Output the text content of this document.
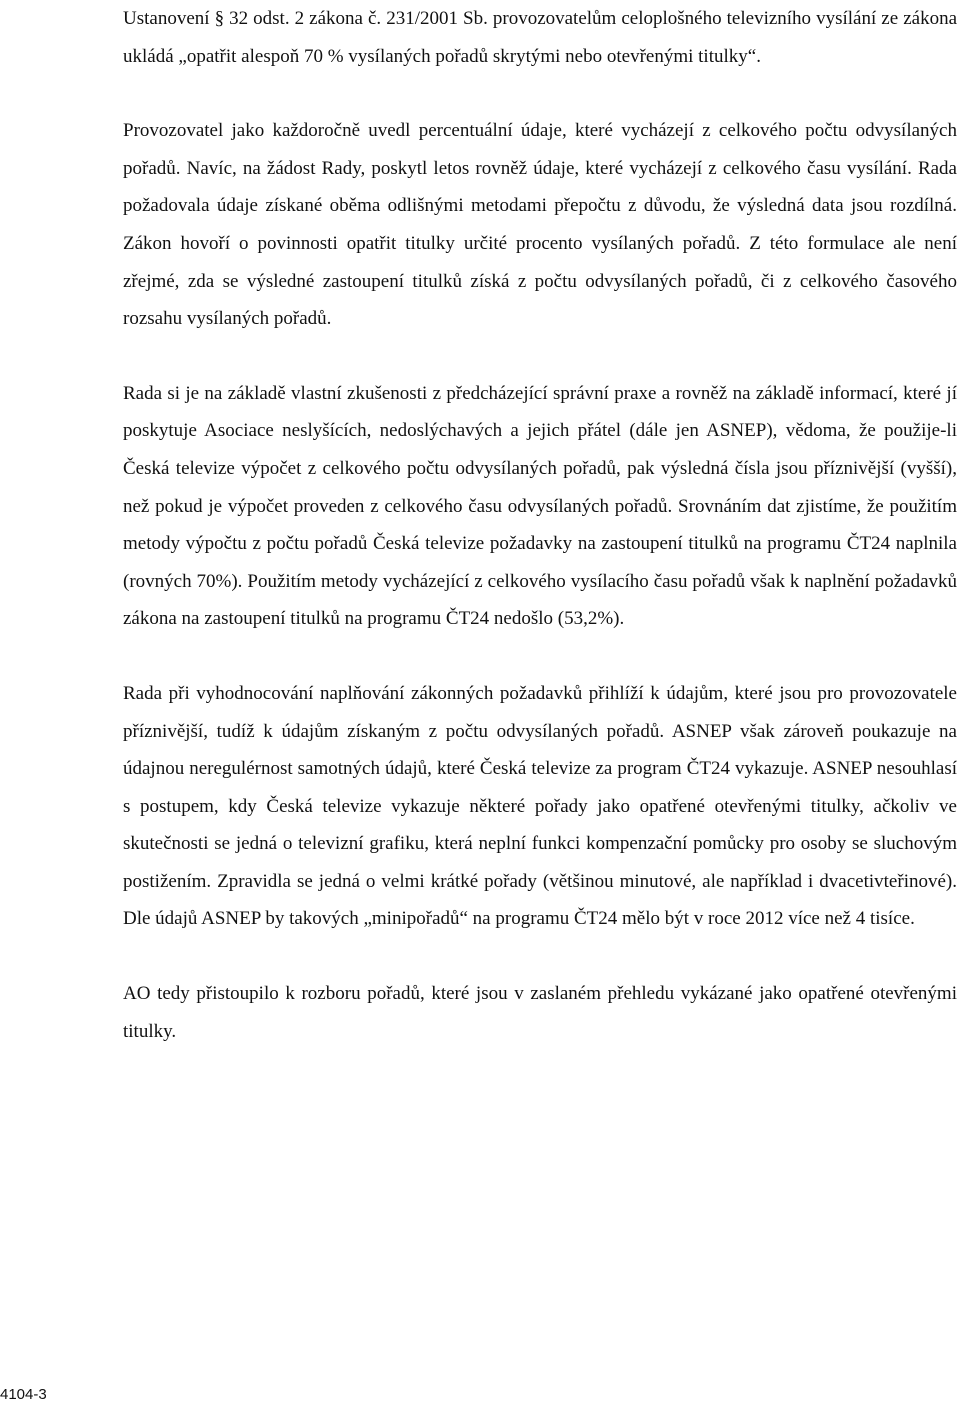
Ustanovení § 32 odst. 2 zákona č. 231/2001 Sb. provozovatelům celoplošného televizního vysílání ze zákona ukládá „opatřit alespoň 70 % vysílaných pořadů skrytými nebo otevřenými titulky“.

Provozovatel jako každoročně uvedl percentuální údaje, které vycházejí z celkového počtu odvysílaných pořadů. Navíc, na žádost Rady, poskytl letos rovněž údaje, které vycházejí z celkového času vysílání. Rada požadovala údaje získané oběma odlišnými metodami přepočtu z důvodu, že výsledná data jsou rozdílná. Zákon hovoří o povinnosti opatřit titulky určité procento vysílaných pořadů. Z této formulace ale není zřejmé, zda se výsledné zastoupení titulků získá z počtu odvysílaných pořadů, či z celkového časového rozsahu vysílaných pořadů.

Rada si je na základě vlastní zkušenosti z předcházející správní praxe a rovněž na základě informací, které jí poskytuje Asociace neslyšících, nedoslýchavých a jejich přátel (dále jen ASNEP), vědoma, že použije-li Česká televize výpočet z celkového počtu odvysílaných pořadů, pak výsledná čísla jsou příznivější (vyšší), než pokud je výpočet proveden z celkového času odvysílaných pořadů. Srovnáním dat zjistíme, že použitím metody výpočtu z počtu pořadů Česká televize požadavky na zastoupení titulků na programu ČT24 naplnila (rovných 70%). Použitím metody vycházející z celkového vysílacího času pořadů však k naplnění požadavků zákona na zastoupení titulků na programu ČT24 nedošlo (53,2%).

Rada při vyhodnocování naplňování zákonných požadavků přihlíží k údajům, které jsou pro provozovatele příznivější, tudíž k údajům získaným z počtu odvysílaných pořadů. ASNEP však zároveň poukazuje na údajnou neregulérnost samotných údajů, které Česká televize za program ČT24 vykazuje. ASNEP nesouhlasí s postupem, kdy Česká televize vykazuje některé pořady jako opatřené otevřenými titulky, ačkoliv ve skutečnosti se jedná o televizní grafiku, která neplní funkci kompenzační pomůcky pro osoby se sluchovým postižením. Zpravidla se jedná o velmi krátké pořady (většinou minutové, ale například i dvacetivteřinové). Dle údajů ASNEP by takových „minipořadů“ na programu ČT24 mělo být v roce 2012 více než 4 tisíce.

AO tedy přistoupilo k rozboru pořadů, které jsou v zaslaném přehledu vykázané jako opatřené otevřenými titulky.

4104-3
